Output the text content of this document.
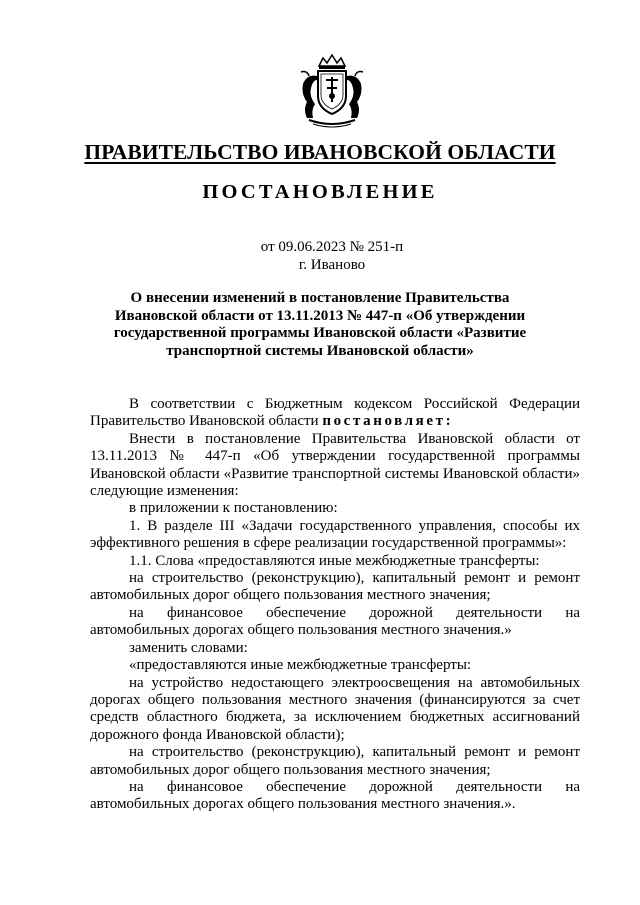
ПРАВИТЕЛЬСТВО ИВАНОВСКОЙ ОБЛАСТИ
ПОСТАНОВЛЕНИЕ
от 09.06.2023 № 251-п
г. Иваново
О внесении изменений в постановление Правительства
Ивановской области от 13.11.2013 № 447-п «Об утверждении
государственной программы Ивановской области «Развитие
транспортной системы Ивановской области»

В соответствии с Бюджетным кодексом Российской Федерации Правительство Ивановской области постановляет:

Внести в постановление Правительства Ивановской области от 13.11.2013 № 447-п «Об утверждении государственной программы Ивановской области «Развитие транспортной системы Ивановской области» следующие изменения:

в приложении к постановлению:

1. В разделе III «Задачи государственного управления, способы их эффективного решения в сфере реализации государственной программы»:

1.1. Слова «предоставляются иные межбюджетные трансферты:

на строительство (реконструкцию), капитальный ремонт и ремонт автомобильных дорог общего пользования местного значения;

на финансовое обеспечение дорожной деятельности на автомобильных дорогах общего пользования местного значения.»

заменить словами:

«предоставляются иные межбюджетные трансферты:

на устройство недостающего электроосвещения на автомобильных дорогах общего пользования местного значения (финансируются за счет средств областного бюджета, за исключением бюджетных ассигнований дорожного фонда Ивановской области);

на строительство (реконструкцию), капитальный ремонт и ремонт автомобильных дорог общего пользования местного значения;

на финансовое обеспечение дорожной деятельности на автомобильных дорогах общего пользования местного значения.».
